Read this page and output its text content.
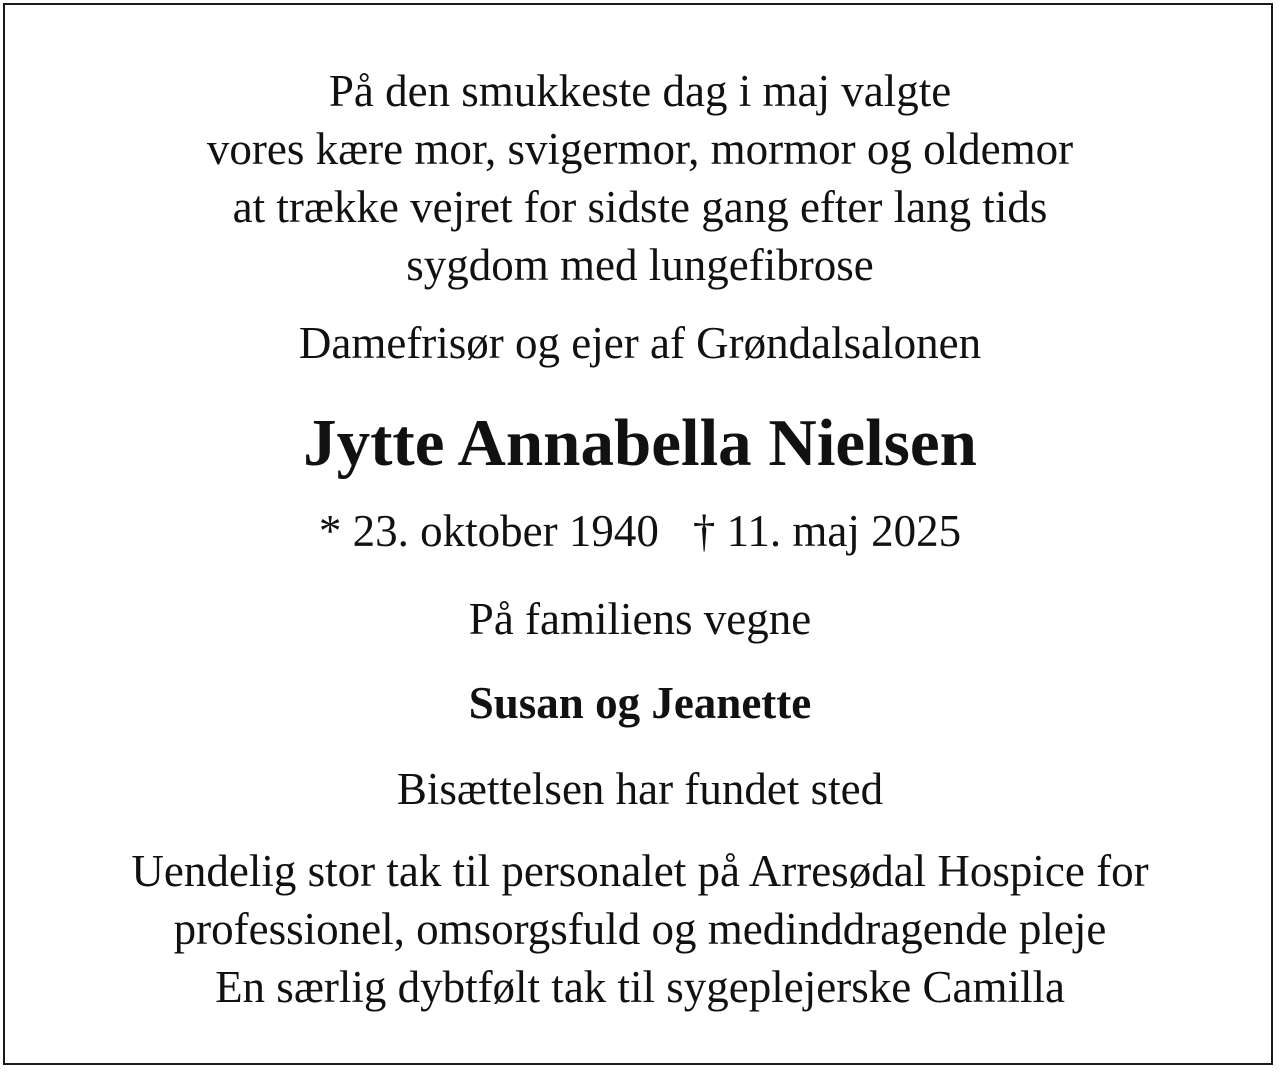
På den smukkeste dag i maj valgte

vores kære mor, svigermor, mormor og oldemor

at trække vejret for sidste gang efter lang tids

sygdom med lungefibrose

Damefrisør og ejer af Grøndalsalonen

Jytte Annabella Nielsen

* 23. oktober 1940 † 11. maj 2025

På familiens vegne

Susan og Jeanette

Bisættelsen har fundet sted

Uendelig stor tak til personalet på Arresødal Hospice for

professionel, omsorgsfuld og medinddragende pleje

En særlig dybtfølt tak til sygeplejerske Camilla
